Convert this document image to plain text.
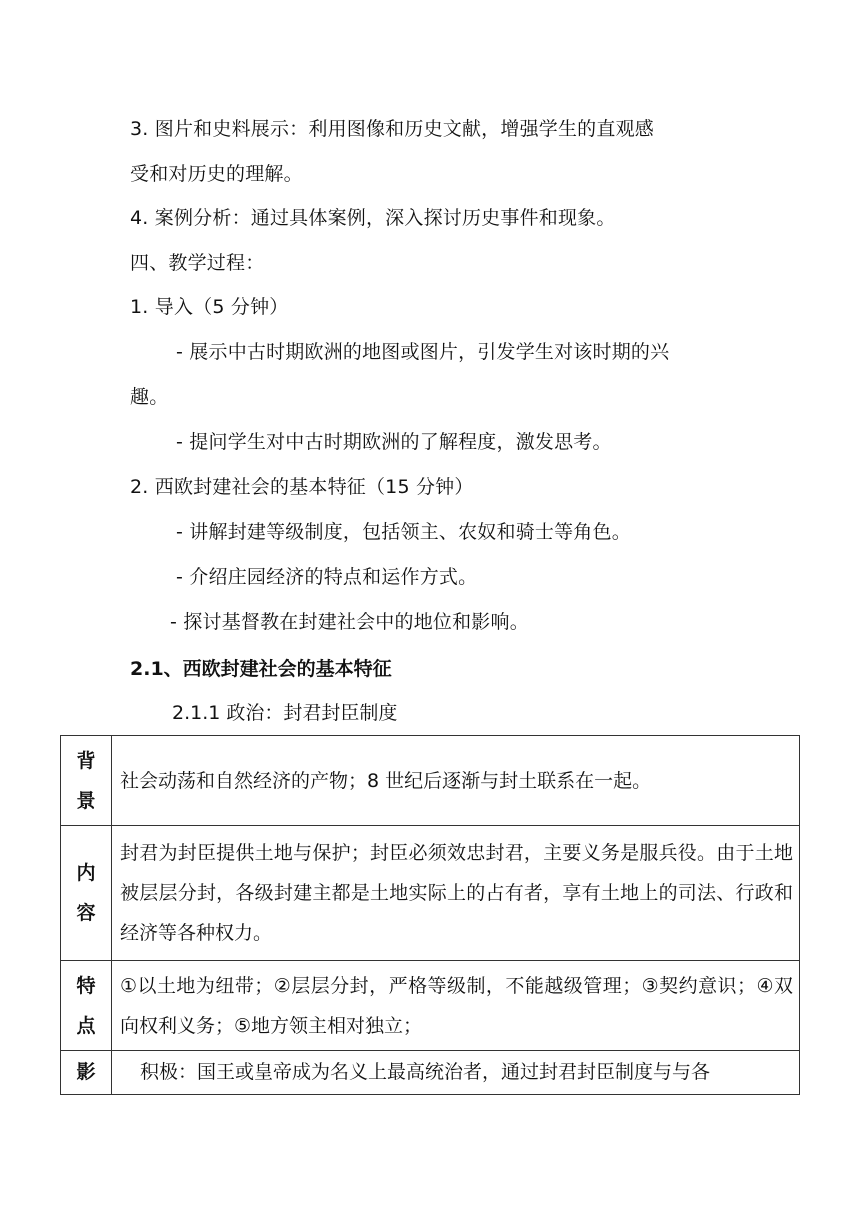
3. 图片和史料展示：利用图像和历史文献，增强学生的直观感
受和对历史的理解。
4. 案例分析：通过具体案例，深入探讨历史事件和现象。
四、教学过程：
1. 导入（5 分钟）
- 展示中古时期欧洲的地图或图片，引发学生对该时期的兴
趣。
- 提问学生对中古时期欧洲的了解程度，激发思考。
2. 西欧封建社会的基本特征（15 分钟）
- 讲解封建等级制度，包括领主、农奴和骑士等角色。
- 介绍庄园经济的特点和运作方式。
- 探讨基督教在封建社会中的地位和影响。
2.1、西欧封建社会的基本特征
2.1.1 政治：封君封臣制度
背景	社会动荡和自然经济的产物；8 世纪后逐渐与封土联系在一起。

内容	封君为封臣提供土地与保护；封臣必须效忠封君，主要义务是服兵役。由于土地被层层分封，各级封建主都是土地实际上的占有者，享有土地上的司法、行政和经济等各种权力。

特点	①以土地为纽带；②层层分封，严格等级制，不能越级管理；③契约意识；④双向权利义务；⑤地方领主相对独立；

影	积极：国王或皇帝成为名义上最高统治者，通过封君封臣制度与与各
